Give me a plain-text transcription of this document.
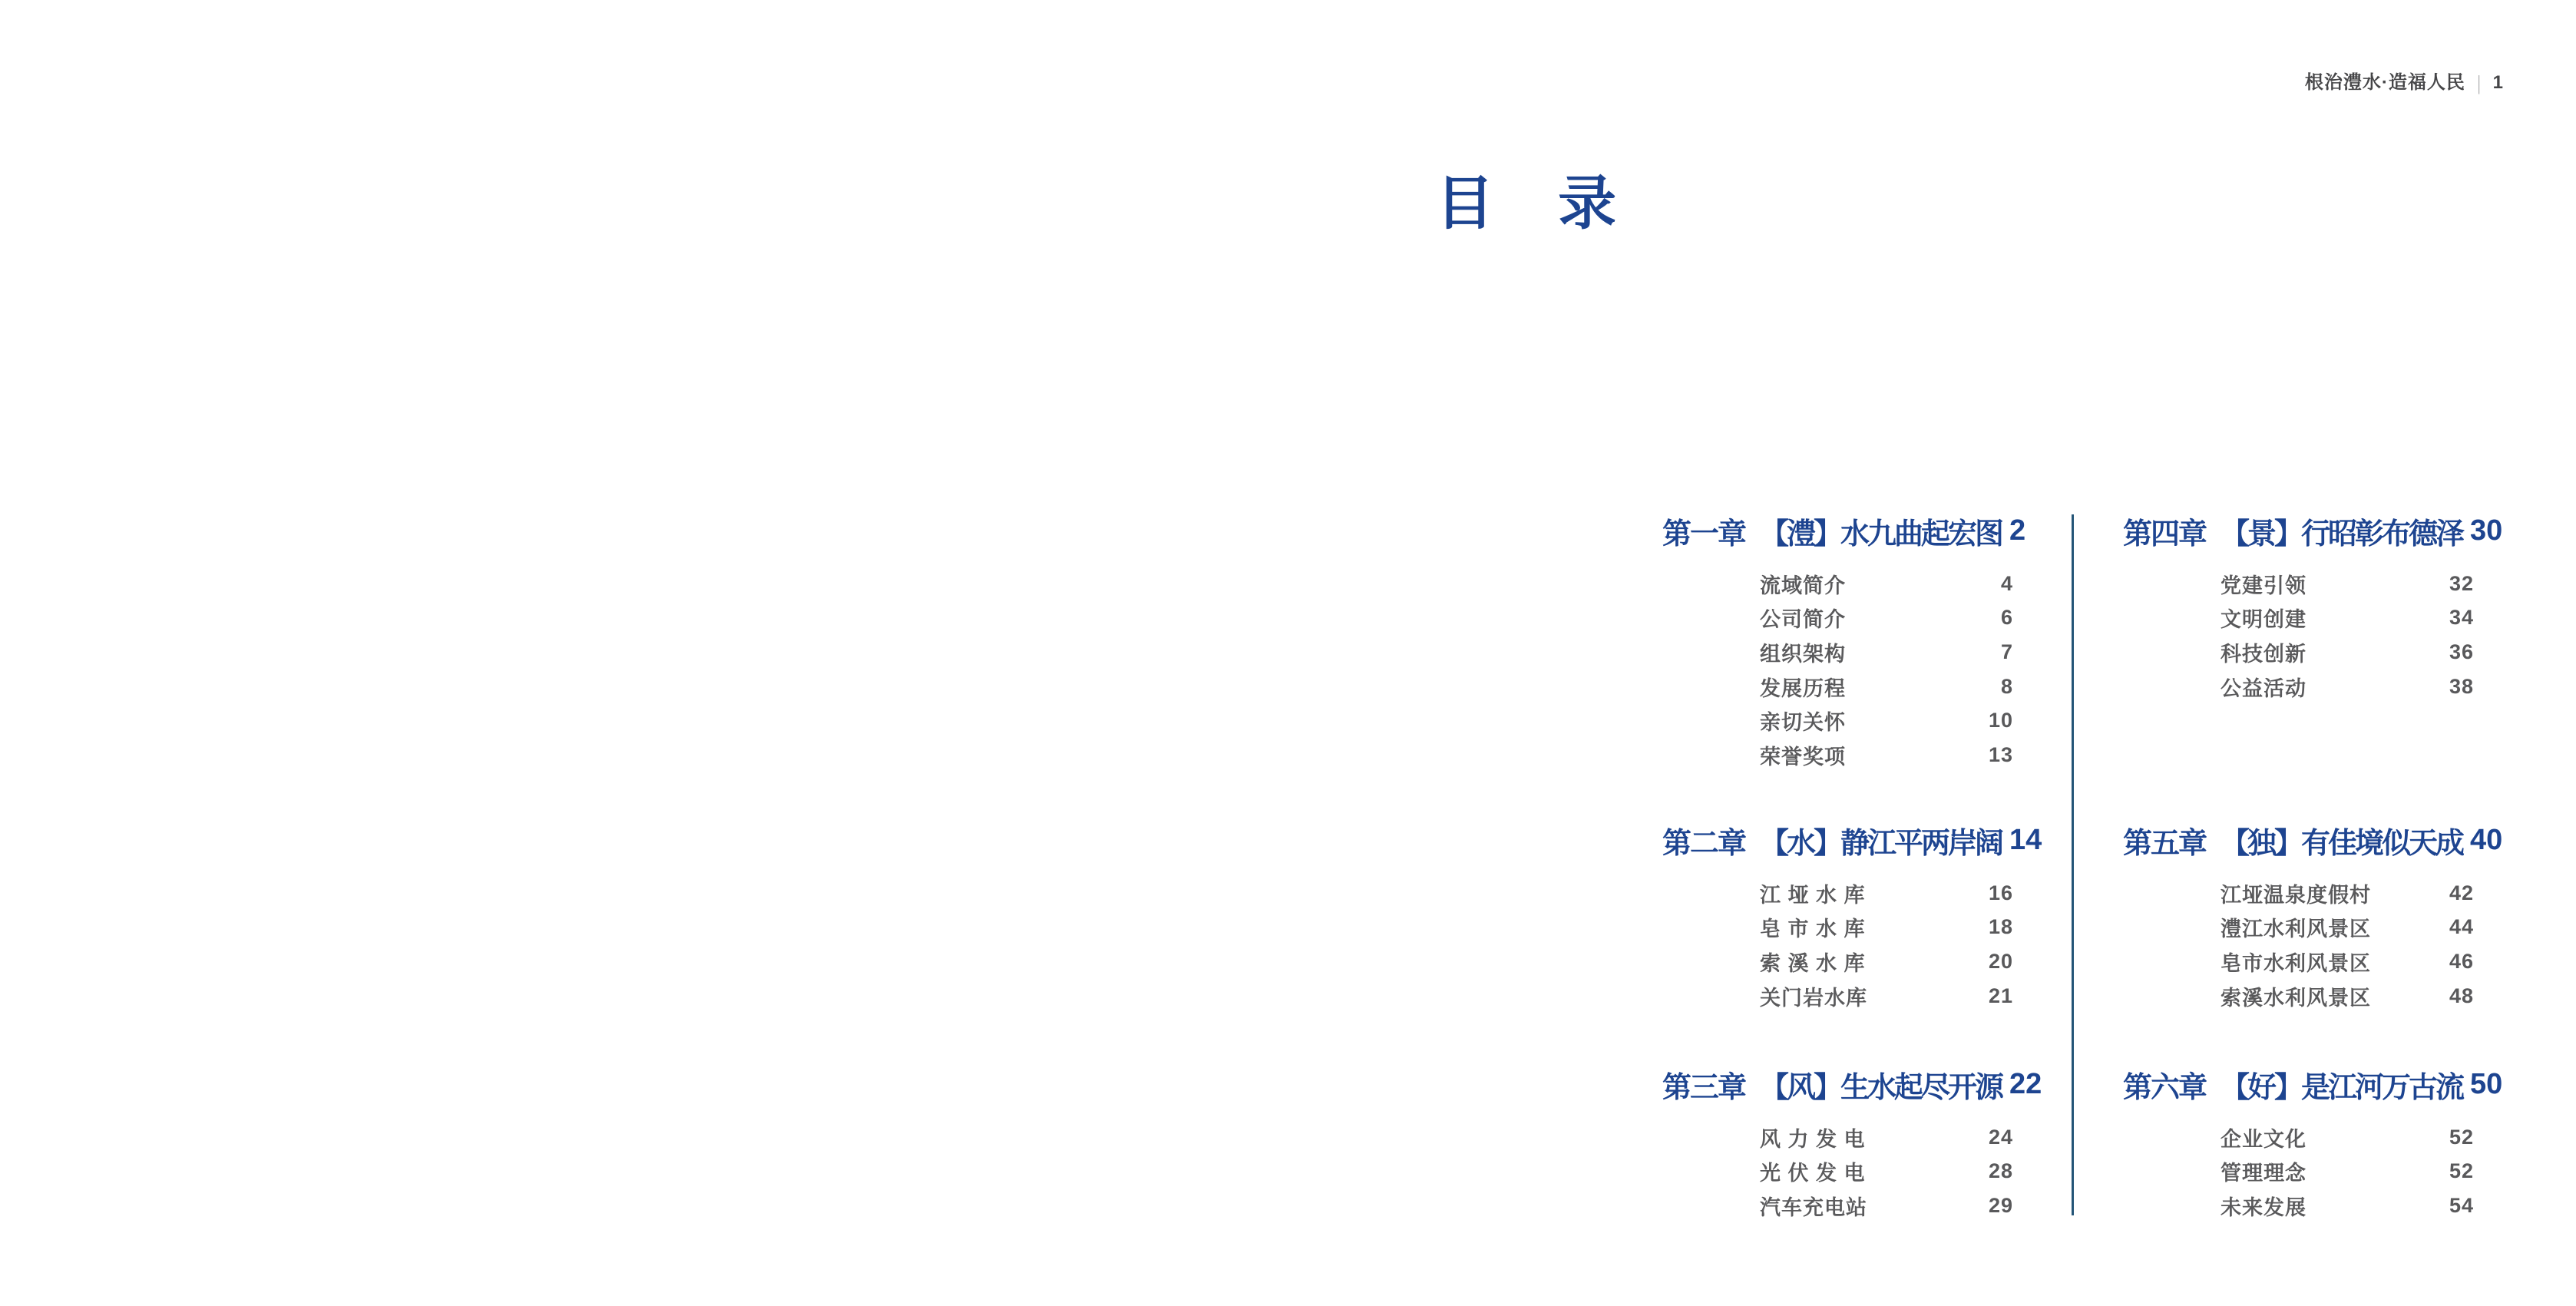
根治澧水·造福人民 | 1
目 录
第一章 【澧】水九曲起宏图 2
流域简介	4
公司简介	6
组织架构	7
发展历程	8
亲切关怀	10
荣誉奖项	13
第二章 【水】静江平两岸阔 14
江 垭 水 库	16
皂 市 水 库	18
索 溪 水 库	20
关门岩水库	21
第三章 【风】生水起尽开源 22
风 力 发 电	24
光 伏 发 电	28
汽车充电站	29
第四章 【景】行昭彰布德泽 30
党建引领	32
文明创建	34
科技创新	36
公益活动	38
第五章 【独】有佳境似天成 40
江垭温泉度假村	42
澧江水利风景区	44
皂市水利风景区	46
索溪水利风景区	48
第六章 【好】是江河万古流 50
企业文化	52
管理理念	52
未来发展	54
